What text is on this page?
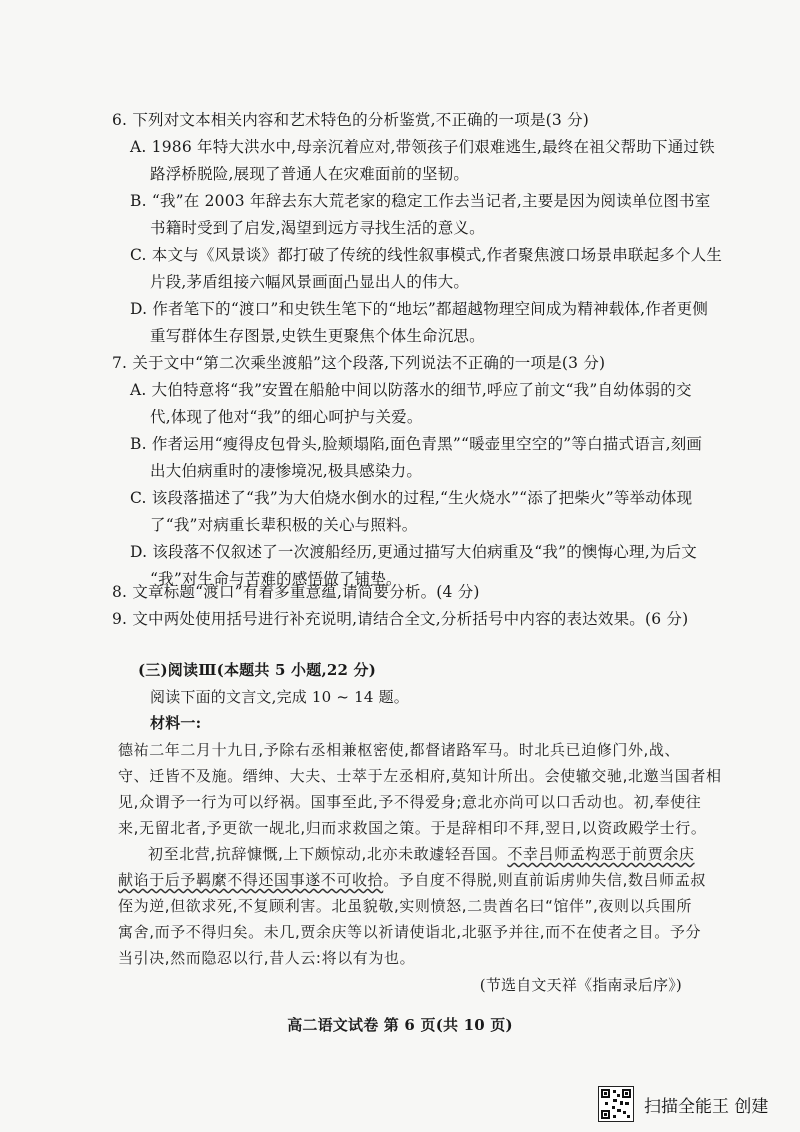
6. 下列对文本相关内容和艺术特色的分析鉴赏,不正确的一项是(3 分)
A. 1986 年特大洪水中,母亲沉着应对,带领孩子们艰难逃生,最终在祖父帮助下通过铁
路浮桥脱险,展现了普通人在灾难面前的坚韧。
B. “我”在 2003 年辞去东大荒老家的稳定工作去当记者,主要是因为阅读单位图书室
书籍时受到了启发,渴望到远方寻找生活的意义。
C. 本文与《风景谈》都打破了传统的线性叙事模式,作者聚焦渡口场景串联起多个人生
片段,茅盾组接六幅风景画面凸显出人的伟大。
D. 作者笔下的“渡口”和史铁生笔下的“地坛”都超越物理空间成为精神载体,作者更侧
重写群体生存图景,史铁生更聚焦个体生命沉思。
7. 关于文中“第二次乘坐渡船”这个段落,下列说法不正确的一项是(3 分)
A. 大伯特意将“我”安置在船舱中间以防落水的细节,呼应了前文“我”自幼体弱的交
代,体现了他对“我”的细心呵护与关爱。
B. 作者运用“瘦得皮包骨头,脸颊塌陷,面色青黑”“暖壶里空空的”等白描式语言,刻画
出大伯病重时的凄惨境况,极具感染力。
C. 该段落描述了“我”为大伯烧水倒水的过程,“生火烧水”“添了把柴火”等举动体现
了“我”对病重长辈积极的关心与照料。
D. 该段落不仅叙述了一次渡船经历,更通过描写大伯病重及“我”的懊悔心理,为后文
“我”对生命与苦难的感悟做了铺垫。
8. 文章标题“渡口”有着多重意蕴,请简要分析。(4 分)
9. 文中两处使用括号进行补充说明,请结合全文,分析括号中内容的表达效果。(6 分)
(三)阅读Ⅲ(本题共 5 小题,22 分)
阅读下面的文言文,完成 10 ~ 14 题。
材料一:
德祐二年二月十九日,予除右丞相兼枢密使,都督诸路军马。时北兵已迫修门外,战、
守、迁皆不及施。缙绅、大夫、士萃于左丞相府,莫知计所出。会使辙交驰,北邀当国者相
见,众谓予一行为可以纾祸。国事至此,予不得爱身;意北亦尚可以口舌动也。初,奉使往
来,无留北者,予更欲一觇北,归而求救国之策。于是辞相印不拜,翌日,以资政殿学士行。
初至北营,抗辞慷慨,上下颇惊动,北亦未敢遽轻吾国。不幸吕师孟构恶于前贾余庆
献谄于后予羁縻不得还国事遂不可收拾。予自度不得脱,则直前诟虏帅失信,数吕师孟叔
侄为逆,但欲求死,不复顾利害。北虽貌敬,实则愤怒,二贵酋名曰“馆伴”,夜则以兵围所
寓舍,而予不得归矣。未几,贾余庆等以祈请使诣北,北驱予并往,而不在使者之目。予分
当引决,然而隐忍以行,昔人云:将以有为也。
(节选自文天祥《指南录后序》)
高二语文试卷 第 6 页(共 10 页)
扫描全能王 创建
